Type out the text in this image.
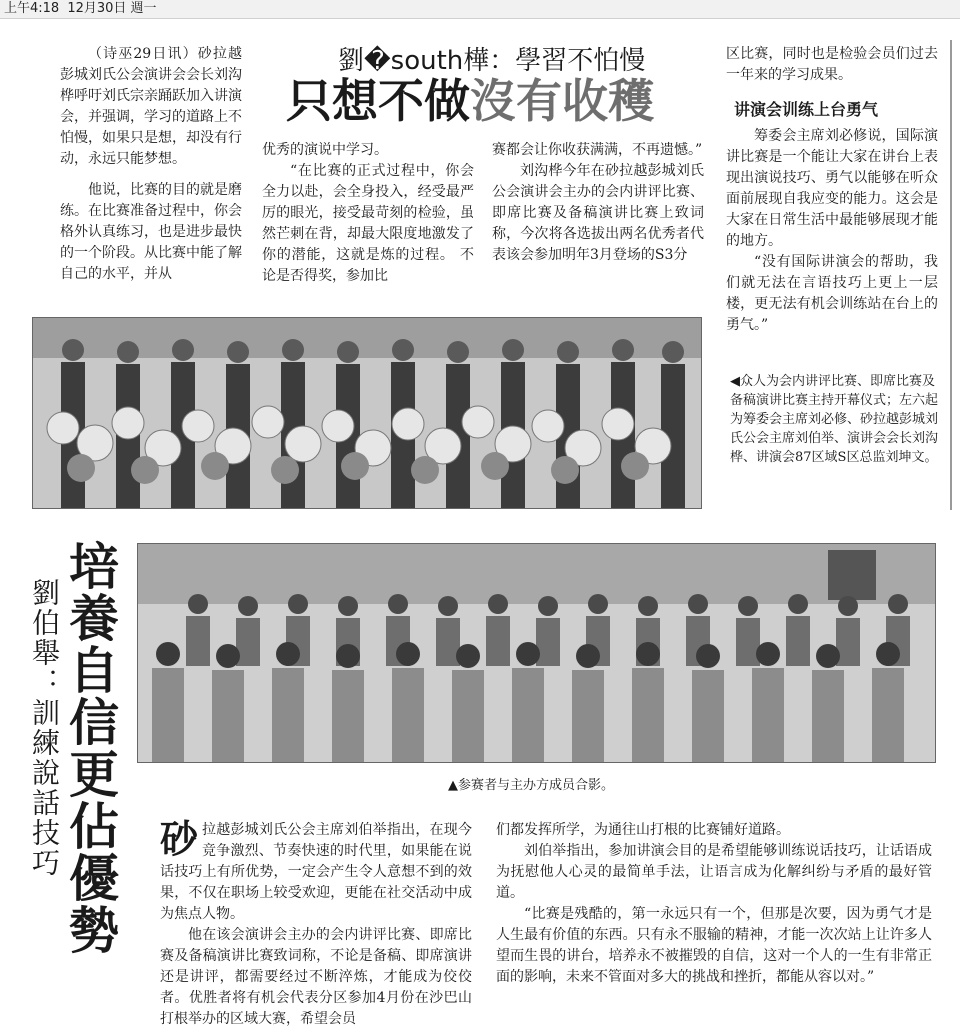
上午4:18 12月30日 週一

（诗巫29日讯）砂拉越彭城刘氏公会演讲会会长刘沟桦呼吁刘氏宗亲踊跃加入讲演会，并强调，学习的道路上不怕慢，如果只是想，却没有行动，永远只能梦想。

他说，比赛的目的就是磨练。在比赛准备过程中，你会格外认真练习，也是进步最快的一个阶段。从比赛中能了解自己的水平，并从

劉�south樺：學習不怕慢
只想不做沒有收穫

优秀的演说中学习。

“在比赛的正式过程中，你会全力以赴，会全身投入，经受最严厉的眼光，接受最苛刻的检验，虽然芒刺在背，却最大限度地激发了你的潜能，这就是炼的过程。 不论是否得奖，参加比

赛都会让你收获满满，不再遗憾。”

刘沟桦今年在砂拉越彭城刘氏公会演讲会主办的会内讲评比赛、即席比赛及备稿演讲比赛上致词称，今次将各选拔出两名优秀者代表该会参加明年3月登场的S3分

区比赛，同时也是检验会员们过去一年来的学习成果。
讲演会训练上台勇气

筹委会主席刘必修说，国际演讲比赛是一个能让大家在讲台上表现出演说技巧、勇气以能够在听众面前展现自我应变的能力。这会是大家在日常生活中最能够展现才能的地方。

“没有国际讲演会的帮助，我们就无法在言语技巧上更上一层楼，更无法有机会训练站在台上的勇气。”

◀众人为会内讲评比赛、即席比赛及备稿演讲比赛主持开幕仪式；左六起为筹委会主席刘必修、砂拉越彭城刘氏公会主席刘伯举、演讲会会长刘沟桦、讲演会87区域S区总监刘坤文。
培養自信更佔優勢
劉伯舉：訓練說話技巧	▲参赛者与主办方成员合影。

砂拉越彭城刘氏公会主席刘伯举指出，在现今竞争激烈、节奏快速的时代里，如果能在说话技巧上有所优势，一定会产生令人意想不到的效果，不仅在职场上较受欢迎，更能在社交活动中成为焦点人物。

他在该会演讲会主办的会内讲评比赛、即席比赛及备稿演讲比赛致词称，不论是备稿、即席演讲还是讲评，都需要经过不断淬炼，才能成为佼佼者。优胜者将有机会代表分区参加4月份在沙巴山打根举办的区域大赛，希望会员

们都发挥所学，为通往山打根的比赛铺好道路。

刘伯举指出，参加讲演会目的是希望能够训练说话技巧，让话语成为抚慰他人心灵的最简单手法，让语言成为化解纠纷与矛盾的最好管道。

“比赛是残酷的，第一永远只有一个，但那是次要，因为勇气才是人生最有价值的东西。只有永不服输的精神，才能一次次站上让许多人望而生畏的讲台，培养永不被摧毁的自信，这对一个人的一生有非常正面的影响，未来不管面对多大的挑战和挫折，都能从容以对。”
